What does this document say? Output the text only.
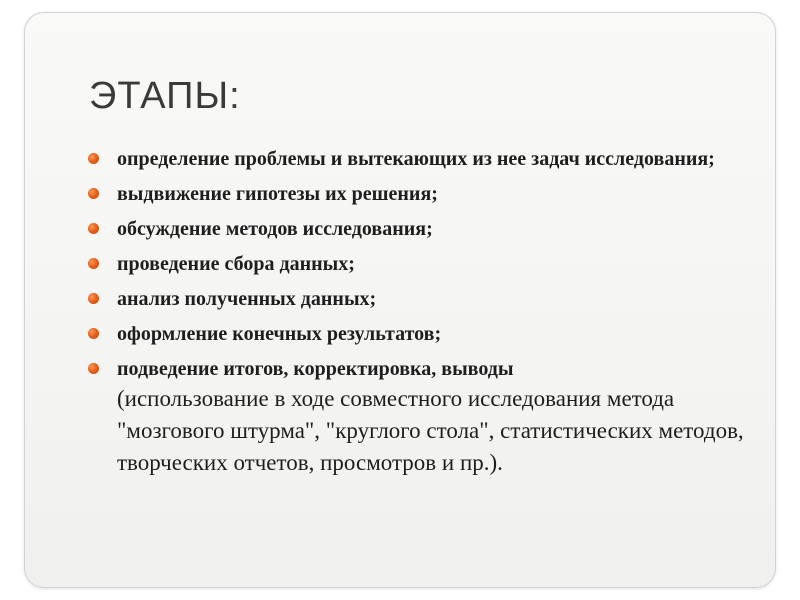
ЭТАПЫ:
определение проблемы и вытекающих из нее задач исследования;
выдвижение гипотезы их решения;
обсуждение методов исследования;
проведение сбора данных;
анализ полученных данных;
оформление конечных результатов;
подведение итогов, корректировка, выводы
(использование в ходе совместного исследования метода "мозгового штурма", "круглого стола", статистических методов, творческих отчетов, просмотров и пр.).
